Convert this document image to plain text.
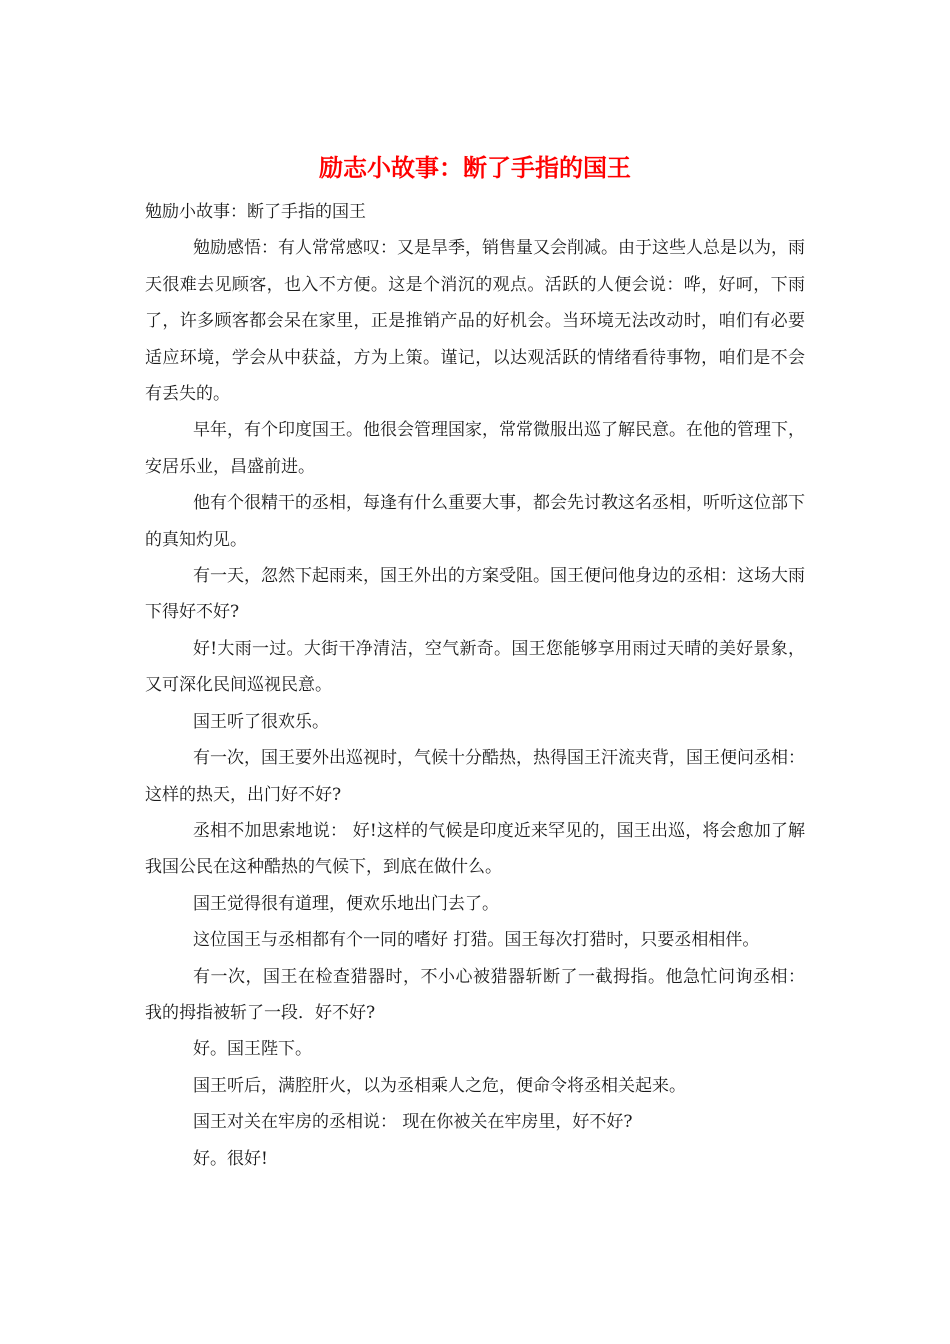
励志小故事：断了手指的国王

勉励小故事：断了手指的国王

勉励感悟：有人常常感叹：又是旱季，销售量又会削减。由于这些人总是以为，雨天很难去见顾客，也入不方便。这是个消沉的观点。活跃的人便会说：哗，好呵，下雨了，许多顾客都会呆在家里，正是推销产品的好机会。当环境无法改动时，咱们有必要适应环境，学会从中获益，方为上策。谨记，以达观活跃的情绪看待事物，咱们是不会有丢失的。

早年，有个印度国王。他很会管理国家，常常微服出巡了解民意。在他的管理下，安居乐业，昌盛前进。

他有个很精干的丞相，每逢有什么重要大事，都会先讨教这名丞相，听听这位部下的真知灼见。

有一天，忽然下起雨来，国王外出的方案受阻。国王便问他身边的丞相：这场大雨下得好不好?

好!大雨一过。大街干净清洁，空气新奇。国王您能够享用雨过天晴的美好景象，又可深化民间巡视民意。

国王听了很欢乐。

有一次，国王要外出巡视时，气候十分酷热，热得国王汗流夹背，国王便问丞相： 这样的热天，出门好不好?

丞相不加思索地说： 好!这样的气候是印度近来罕见的，国王出巡，将会愈加了解我国公民在这种酷热的气候下，到底在做什么。

国王觉得很有道理，便欢乐地出门去了。

这位国王与丞相都有个一同的嗜好 打猎。国王每次打猎时，只要丞相相伴。

有一次，国王在检查猎器时，不小心被猎器斩断了一截拇指。他急忙问询丞相： 我的拇指被斩了一段．好不好?

好。国王陛下。

国王听后，满腔肝火，以为丞相乘人之危，便命令将丞相关起来。

国王对关在牢房的丞相说： 现在你被关在牢房里，好不好?

好。很好!
